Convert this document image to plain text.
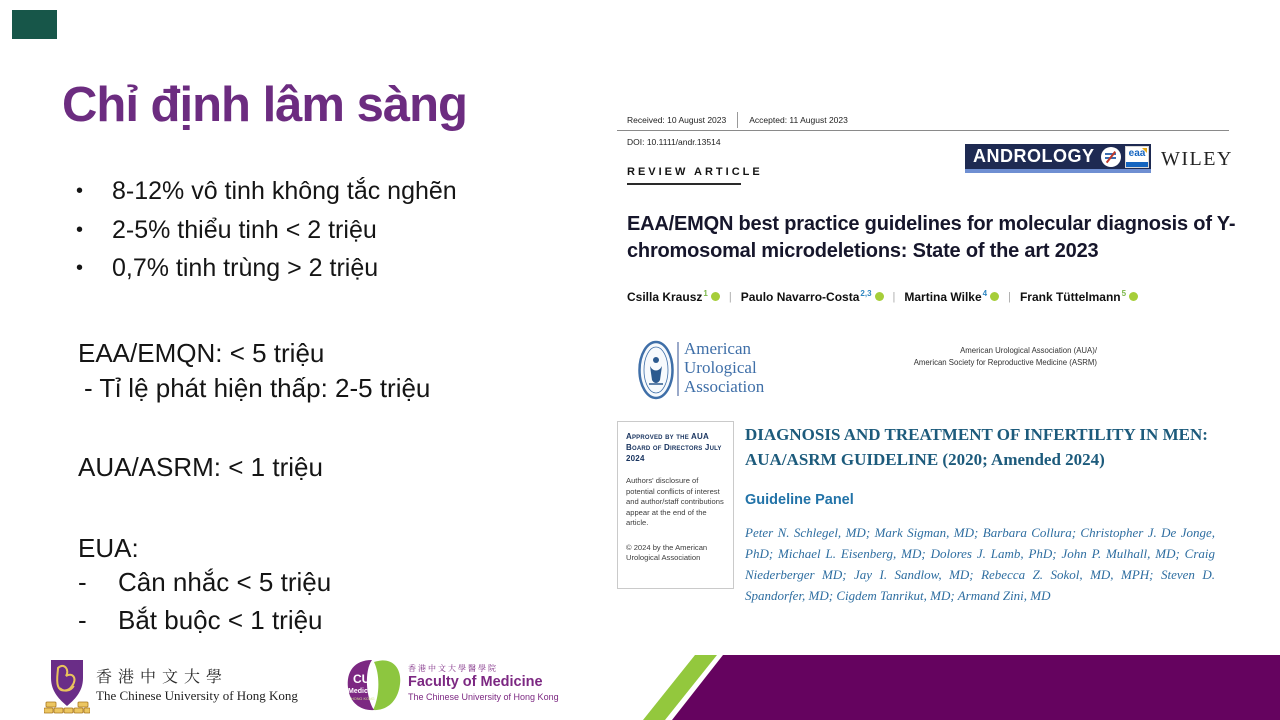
Chỉ định lâm sàng
•	8-12% vô tinh không tắc nghẽn
•	2-5% thiểu tinh < 2 triệu
•	0,7% tinh trùng > 2 triệu
EAA/EMQN: < 5 triệu
- Tỉ lệ phát hiện thấp: 2-5 triệu
AUA/ASRM: < 1 triệu
EUA:
-	Cân nhắc < 5 triệu
-	Bắt buộc < 1 triệu
Received: 10 August 2023	Accepted: 11 August 2023
DOI: 10.1111/andr.13514
ANDROLOGY	eaa WILEY
REVIEW ARTICLE
EAA/EMQN best practice guidelines for molecular diagnosis of Y-chromosomal microdeletions: State of the art 2023
Csilla Krausz$^1$	| Paulo Navarro-Costa$^{2,3}$	| Martina Wilke$^4$	| Frank Tüttelmann$^5$
American
Urological
Association
American Urological Association (AUA)/
American Society for Reproductive Medicine (ASRM)
Approved by the AUA Board of Directors July 2024
Authors' disclosure of potential conflicts of interest and author/staff contributions appear at the end of the article.
© 2024 by the American Urological Association
DIAGNOSIS AND TREATMENT OF INFERTILITY IN MEN: AUA/ASRM GUIDELINE (2020; Amended 2024)
Guideline Panel
Peter N. Schlegel, MD; Mark Sigman, MD; Barbara Collura; Christopher J. De Jonge, PhD; Michael L. Eisenberg, MD; Dolores J. Lamb, PhD; John P. Mulhall, MD; Craig Niederberger MD; Jay I. Sandlow, MD; Rebecca Z. Sokol, MD, MPH; Steven D. Spandorfer, MD; Cigdem Tanrikut, MD; Armand Zini, MD
香港中文大學
The Chinese University of Hong Kong
CU
Medicine
HONG KONG
香港中文大學醫學院
Faculty of Medicine
The Chinese University of Hong Kong
